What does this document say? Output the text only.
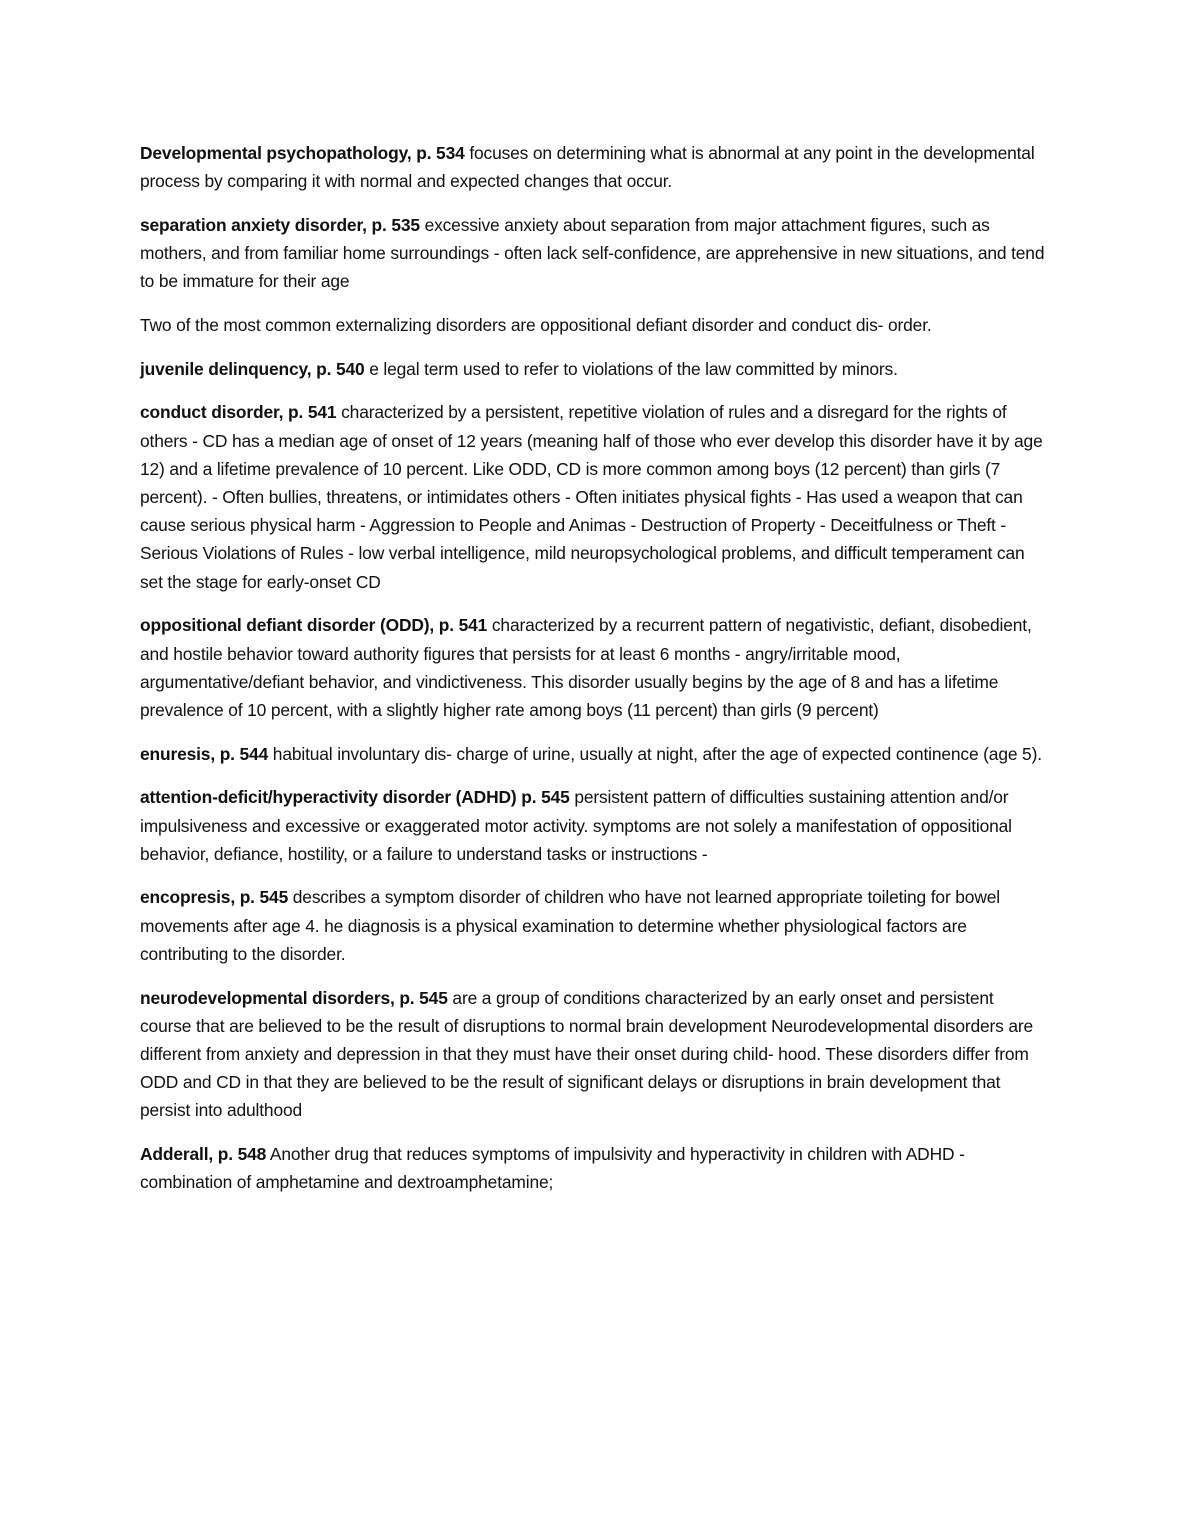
Developmental psychopathology, p. 534 focuses on determining what is abnormal at any point in the developmental process by comparing it with normal and expected changes that occur.

separation anxiety disorder, p. 535 excessive anxiety about separation from major attachment figures, such as mothers, and from familiar home surroundings - often lack self-confidence, are apprehensive in new situations, and tend to be immature for their age

Two of the most common externalizing disorders are oppositional defiant disorder and conduct dis- order.

juvenile delinquency, p. 540 e legal term used to refer to violations of the law committed by minors.

conduct disorder, p. 541 characterized by a persistent, repetitive violation of rules and a disregard for the rights of others - CD has a median age of onset of 12 years (meaning half of those who ever develop this disorder have it by age 12) and a lifetime prevalence of 10 percent. Like ODD, CD is more common among boys (12 percent) than girls (7 percent). - Often bullies, threatens, or intimidates others - Often initiates physical fights - Has used a weapon that can cause serious physical harm - Aggression to People and Animas - Destruction of Property - Deceitfulness or Theft - Serious Violations of Rules - low verbal intelligence, mild neuropsychological problems, and difficult temperament can set the stage for early-onset CD

oppositional defiant disorder (ODD), p. 541 characterized by a recurrent pattern of negativistic, defiant, disobedient, and hostile behavior toward authority figures that persists for at least 6 months - angry/irritable mood, argumentative/defiant behavior, and vindictiveness. This disorder usually begins by the age of 8 and has a lifetime prevalence of 10 percent, with a slightly higher rate among boys (11 percent) than girls (9 percent)

enuresis, p. 544 habitual involuntary dis- charge of urine, usually at night, after the age of expected continence (age 5).

attention-deficit/hyperactivity disorder (ADHD) p. 545 persistent pattern of difficulties sustaining attention and/or impulsiveness and excessive or exaggerated motor activity. symptoms are not solely a manifestation of oppositional behavior, defiance, hostility, or a failure to understand tasks or instructions -

encopresis, p. 545 describes a symptom disorder of children who have not learned appropriate toileting for bowel movements after age 4. he diagnosis is a physical examination to determine whether physiological factors are contributing to the disorder.

neurodevelopmental disorders, p. 545 are a group of conditions characterized by an early onset and persistent course that are believed to be the result of disruptions to normal brain development Neurodevelopmental disorders are different from anxiety and depression in that they must have their onset during child- hood. These disorders differ from ODD and CD in that they are believed to be the result of significant delays or disruptions in brain development that persist into adulthood

Adderall, p. 548 Another drug that reduces symptoms of impulsivity and hyperactivity in children with ADHD - combination of amphetamine and dextroamphetamine;
